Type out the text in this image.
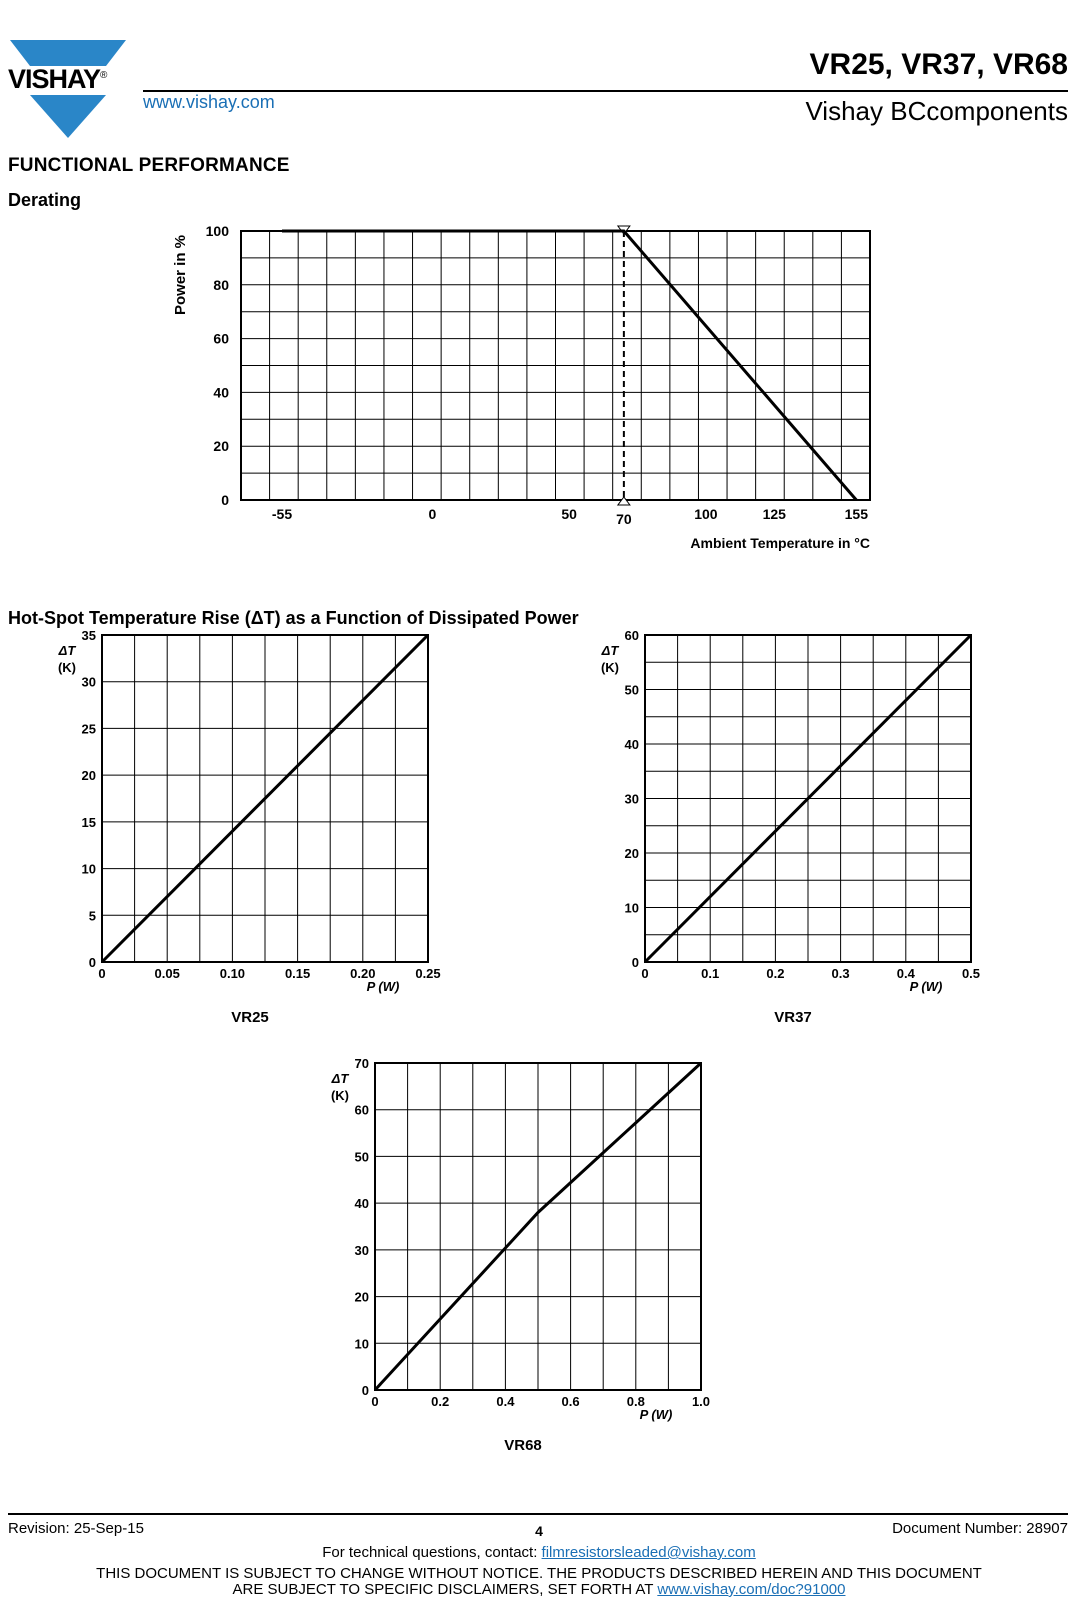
VISHAY®
www.vishay.com
VR25, VR37, VR68
Vishay BCcomponents
FUNCTIONAL PERFORMANCE
Derating
Hot-Spot Temperature Rise (ΔT) as a Function of Dissipated Power
0
20
40
60
80
100
-55	0	50	70	100	125	155
Power in %
Ambient Temperature in °C
0
5
10
15
20
25
30
35
0	0.05	0.10	0.15	0.20	0.25
ΔT
(K)
P (W)
VR25
0
10
20
30
40
50
60
0	0.1	0.2	0.3	0.4	0.5
ΔT
(K)
P (W)
VR37
0
10
20
30
40
50
60
70
0	0.2	0.4	0.6	0.8	1.0
ΔT
(K)
P (W)
VR68
Revision: 25-Sep-15	4	Document Number: 28907
For technical questions, contact: filmresistorsleaded@vishay.com
THIS DOCUMENT IS SUBJECT TO CHANGE WITHOUT NOTICE. THE PRODUCTS DESCRIBED HEREIN AND THIS DOCUMENT
ARE SUBJECT TO SPECIFIC DISCLAIMERS, SET FORTH AT www.vishay.com/doc?91000
